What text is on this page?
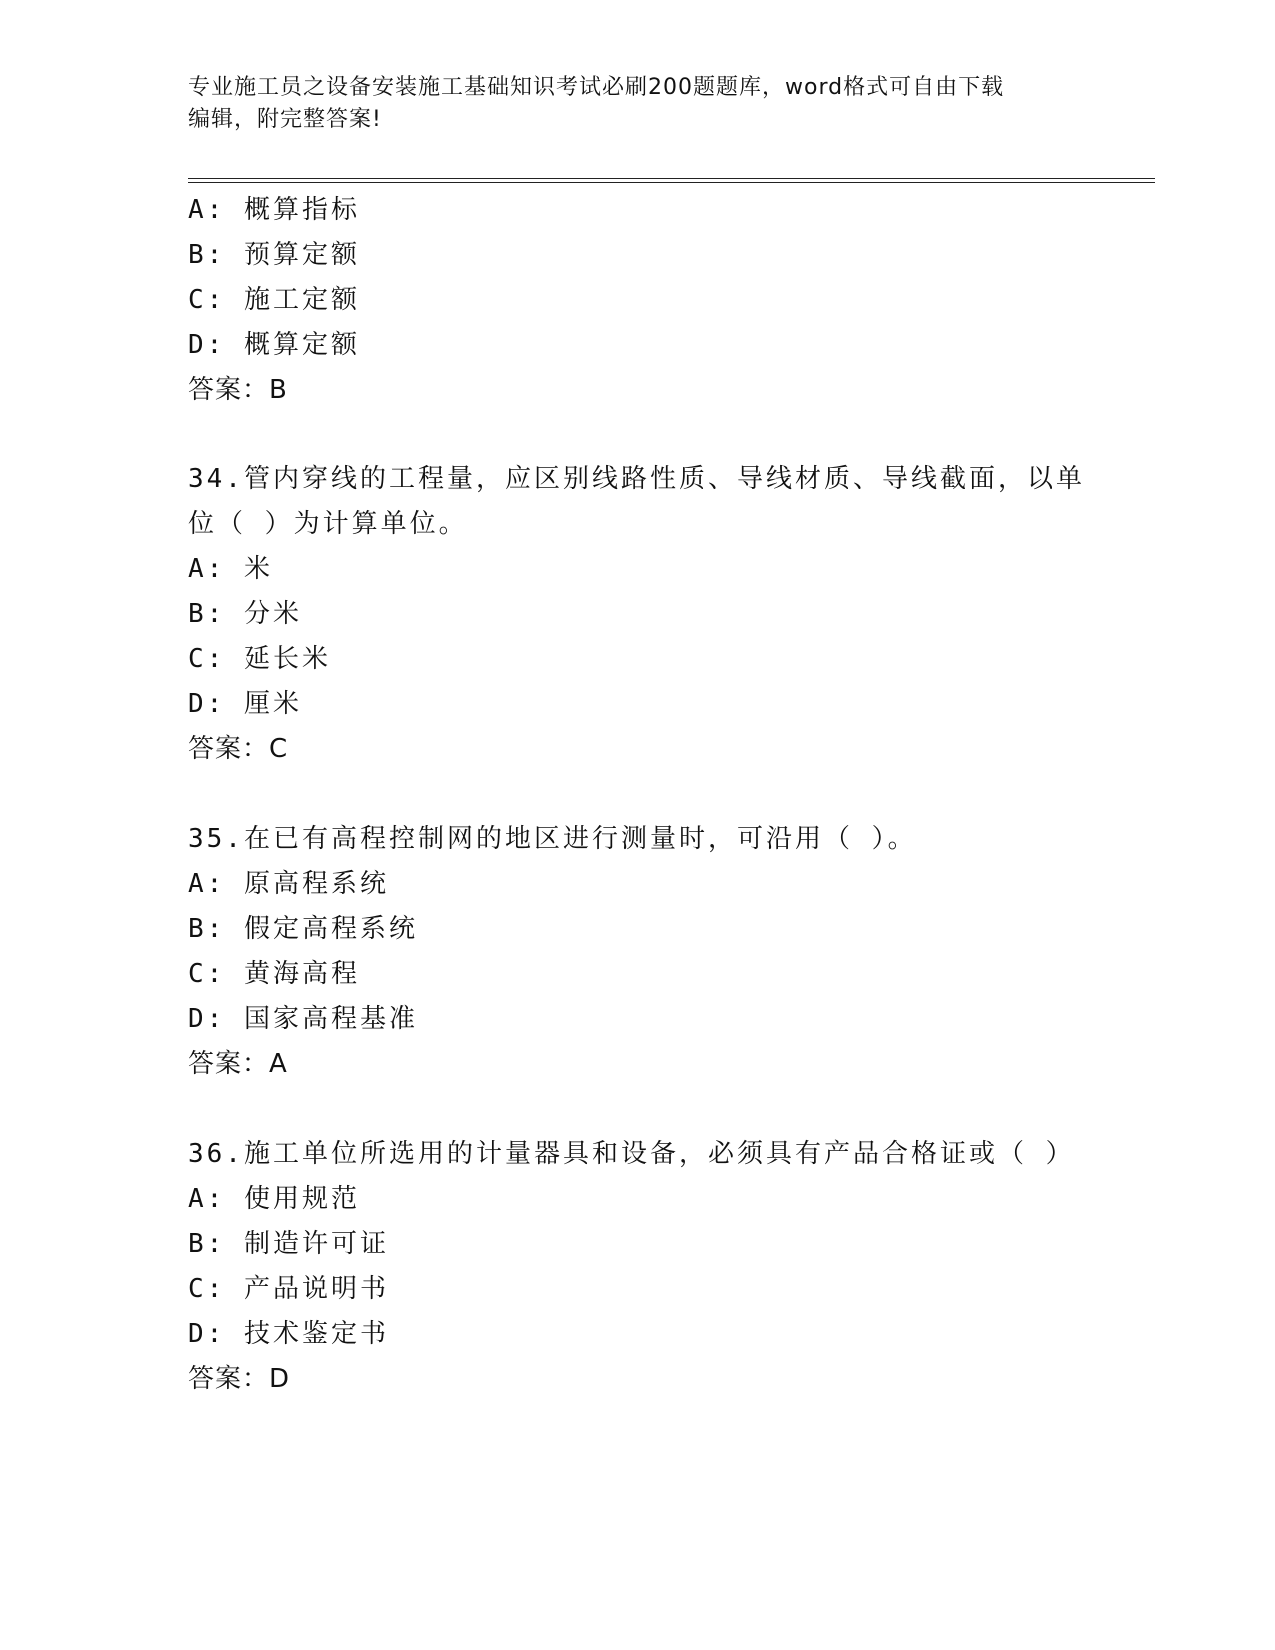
专业施工员之设备安装施工基础知识考试必刷200题题库，word格式可自由下载
编辑，附完整答案!
A: 概算指标
B: 预算定额
C: 施工定额
D: 概算定额
答案：B
34.管内穿线的工程量，应区别线路性质、导线材质、导线截面，以单
位（ ）为计算单位。
A: 米
B: 分米
C: 延长米
D: 厘米
答案：C
35.在已有高程控制网的地区进行测量时，可沿用（ ）。
A: 原高程系统
B: 假定高程系统
C: 黄海高程
D: 国家高程基准
答案：A
36.施工单位所选用的计量器具和设备，必须具有产品合格证或（ ）
A: 使用规范
B: 制造许可证
C: 产品说明书
D: 技术鉴定书
答案：D
